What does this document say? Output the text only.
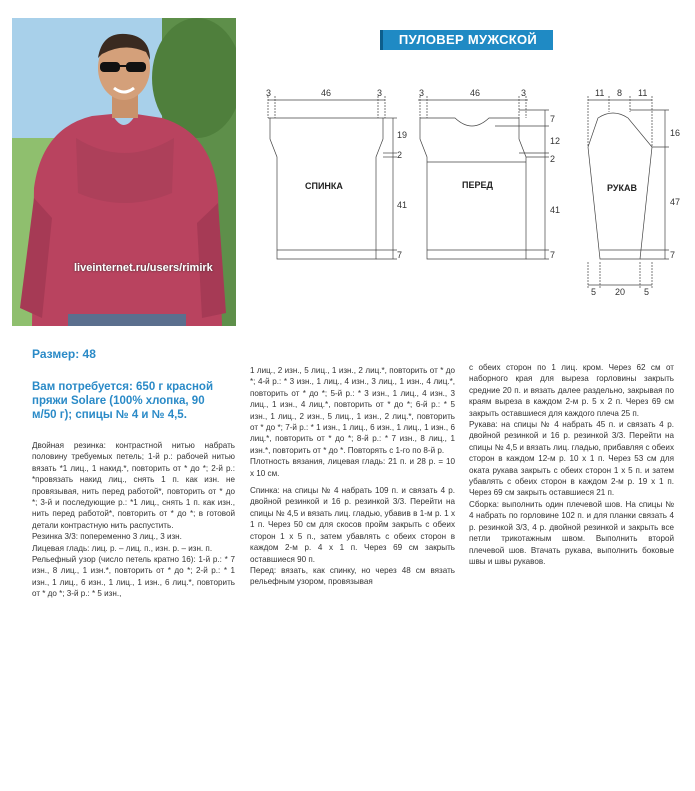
liveinternet.ru/users/rimirk
ПУЛОВЕР МУЖСКОЙ
СПИНКА
3	46	3
19
2
41
7
ПЕРЕД
3	46	3
7
12
2
41
7
РУКАВ
11 8 11
16
47
7
5 20 5
Размер: 48
Вам потребуется: 650 г красной пряжи Solare (100% хлопка, 90 м/50 г); спицы № 4 и № 4,5.

Двойная резинка: контрастной нитью набрать половину требуемых петель; 1-й р.: рабочей нитью вязать *1 лиц., 1 накид.*, повторить от * до *; 2-й р.: *провязать накид лиц., снять 1 п. как изн. не провязывая, нить перед работой*, повторить от * до *; 3-й и последующие р.: *1 лиц., снять 1 п. как изн., нить перед работой*, повторить от * до *; в готовой детали контрастную нить распустить.

Резинка 3/3: попеременно 3 лиц., 3 изн.

Лицевая гладь: лиц. р. – лиц. п., изн. р. – изн. п.

Рельефный узор (число петель кратно 16): 1-й р.: * 7 изн., 8 лиц., 1 изн.*, повторить от * до *; 2-й р.: * 1 изн., 1 лиц., 6 изн., 1 лиц., 1 изн., 6 лиц.*, повторить от * до *; 3-й р.: * 5 изн.,

1 лиц., 2 изн., 5 лиц., 1 изн., 2 лиц.*, повторить от * до *; 4-й р.: * 3 изн., 1 лиц., 4 изн., 3 лиц., 1 изн., 4 лиц.*, повторить от * до *; 5-й р.: * 3 изн., 1 лиц., 4 изн., 3 лиц., 1 изн., 4 лиц.*, повторить от * до *; 6-й р.: * 5 изн., 1 лиц., 2 изн., 5 лиц., 1 изн., 2 лиц.*, повторить от * до *; 7-й р.: * 1 изн., 1 лиц., 6 изн., 1 лиц., 1 изн., 6 лиц.*, повторить от * до *; 8-й р.: * 7 изн., 8 лиц., 1 изн.*, повторить от * до *. Повторять с 1-го по 8-й р.

Плотность вязания, лицевая гладь: 21 п. и 28 р. = 10 х 10 см.

Спинка: на спицы № 4 набрать 109 п. и связать 4 р. двойной резинкой и 16 р. резинкой 3/3. Перейти на спицы № 4,5 и вязать лиц. гладью, убавив в 1-м р. 1 х 1 п. Через 50 см для скосов пройм закрыть с обеих сторон 1 х 5 п., затем убавлять с обеих сторон в каждом 2-м р. 4 х 1 п. Через 69 см закрыть оставшиеся 90 п.

Перед: вязать, как спинку, но через 48 см вязать рельефным узором, провязывая

с обеих сторон по 1 лиц. кром. Через 62 см от наборного края для выреза горловины закрыть средние 20 п. и вязать далее раздельно, закрывая по краям выреза в каждом 2-м р. 5 х 2 п. Через 69 см закрыть оставшиеся для каждого плеча 25 п.

Рукава: на спицы № 4 набрать 45 п. и связать 4 р. двойной резинкой и 16 р. резинкой 3/3. Перейти на спицы № 4,5 и вязать лиц. гладью, прибавляя с обеих сторон в каждом 12-м р. 10 х 1 п. Через 53 см для оката рукава закрыть с обеих сторон 1 х 5 п. и затем убавлять с обеих сторон в каждом 2-м р. 19 х 1 п. Через 69 см закрыть оставшиеся 21 п.

Сборка: выполнить один плечевой шов. На спицы № 4 набрать по горловине 102 п. и для планки связать 4 р. резинкой 3/3, 4 р. двойной резинкой и закрыть все петли трикотажным швом. Выполнить второй плечевой шов. Втачать рукава, выполнить боковые швы и швы рукавов.
